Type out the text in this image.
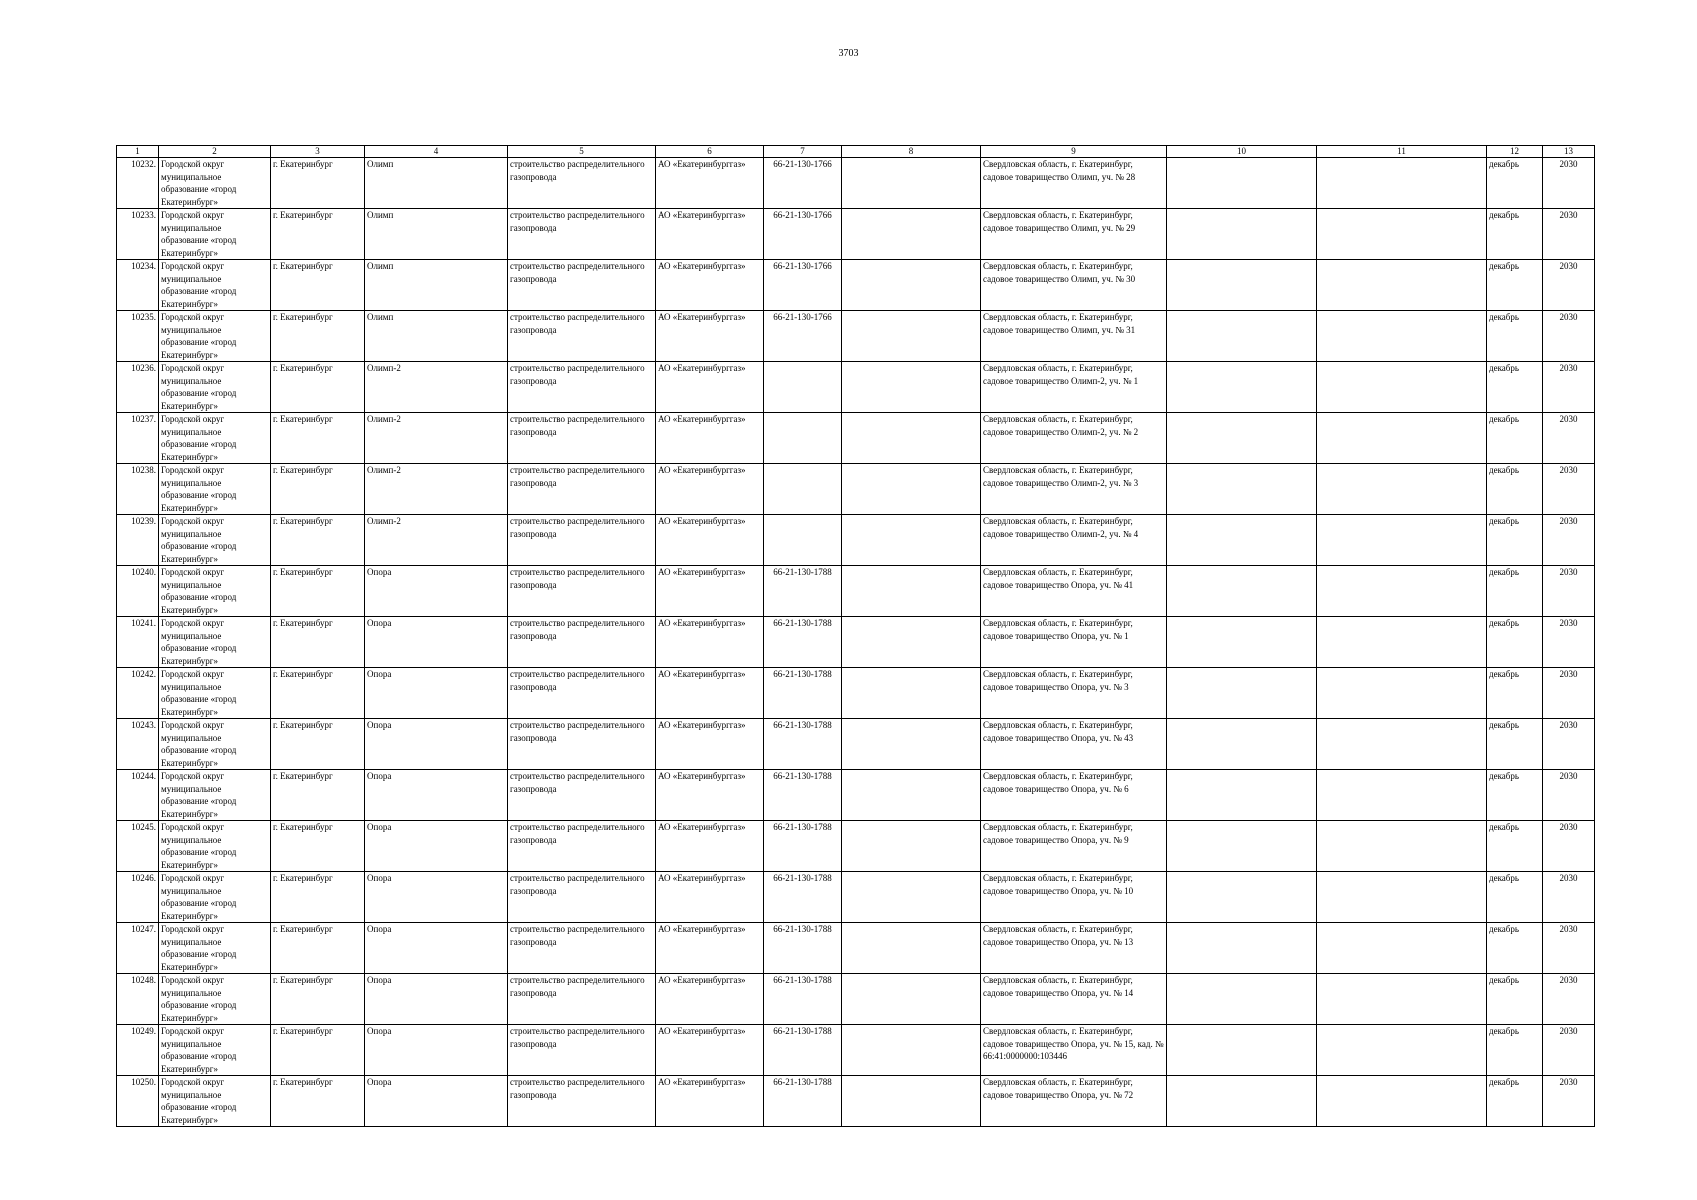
3703
1	2	3	4	5	6	7	8	9	10	11	12	13
10232.	Городской округ муниципальное образование «город Екатеринбург»	г. Екатеринбург	Олимп	строительство распределительного газопровода	АО «Екатеринбурггаз»	66-21-130-1766		Свердловская область, г. Екатеринбург, садовое товарищество Олимп, уч. № 28			декабрь	2030
10233.	Городской округ муниципальное образование «город Екатеринбург»	г. Екатеринбург	Олимп	строительство распределительного газопровода	АО «Екатеринбурггаз»	66-21-130-1766		Свердловская область, г. Екатеринбург, садовое товарищество Олимп, уч. № 29			декабрь	2030
10234.	Городской округ муниципальное образование «город Екатеринбург»	г. Екатеринбург	Олимп	строительство распределительного газопровода	АО «Екатеринбурггаз»	66-21-130-1766		Свердловская область, г. Екатеринбург, садовое товарищество Олимп, уч. № 30			декабрь	2030
10235.	Городской округ муниципальное образование «город Екатеринбург»	г. Екатеринбург	Олимп	строительство распределительного газопровода	АО «Екатеринбурггаз»	66-21-130-1766		Свердловская область, г. Екатеринбург, садовое товарищество Олимп, уч. № 31			декабрь	2030
10236.	Городской округ муниципальное образование «город Екатеринбург»	г. Екатеринбург	Олимп-2	строительство распределительного газопровода	АО «Екатеринбурггаз»			Свердловская область, г. Екатеринбург, садовое товарищество Олимп-2, уч. № 1			декабрь	2030
10237.	Городской округ муниципальное образование «город Екатеринбург»	г. Екатеринбург	Олимп-2	строительство распределительного газопровода	АО «Екатеринбурггаз»			Свердловская область, г. Екатеринбург, садовое товарищество Олимп-2, уч. № 2			декабрь	2030
10238.	Городской округ муниципальное образование «город Екатеринбург»	г. Екатеринбург	Олимп-2	строительство распределительного газопровода	АО «Екатеринбурггаз»			Свердловская область, г. Екатеринбург, садовое товарищество Олимп-2, уч. № 3			декабрь	2030
10239.	Городской округ муниципальное образование «город Екатеринбург»	г. Екатеринбург	Олимп-2	строительство распределительного газопровода	АО «Екатеринбурггаз»			Свердловская область, г. Екатеринбург, садовое товарищество Олимп-2, уч. № 4			декабрь	2030
10240.	Городской округ муниципальное образование «город Екатеринбург»	г. Екатеринбург	Опора	строительство распределительного газопровода	АО «Екатеринбурггаз»	66-21-130-1788		Свердловская область, г. Екатеринбург, садовое товарищество Опора, уч. № 41			декабрь	2030
10241.	Городской округ муниципальное образование «город Екатеринбург»	г. Екатеринбург	Опора	строительство распределительного газопровода	АО «Екатеринбурггаз»	66-21-130-1788		Свердловская область, г. Екатеринбург, садовое товарищество Опора, уч. № 1			декабрь	2030
10242.	Городской округ муниципальное образование «город Екатеринбург»	г. Екатеринбург	Опора	строительство распределительного газопровода	АО «Екатеринбурггаз»	66-21-130-1788		Свердловская область, г. Екатеринбург, садовое товарищество Опора, уч. № 3			декабрь	2030
10243.	Городской округ муниципальное образование «город Екатеринбург»	г. Екатеринбург	Опора	строительство распределительного газопровода	АО «Екатеринбурггаз»	66-21-130-1788		Свердловская область, г. Екатеринбург, садовое товарищество Опора, уч. № 43			декабрь	2030
10244.	Городской округ муниципальное образование «город Екатеринбург»	г. Екатеринбург	Опора	строительство распределительного газопровода	АО «Екатеринбурггаз»	66-21-130-1788		Свердловская область, г. Екатеринбург, садовое товарищество Опора, уч. № 6			декабрь	2030
10245.	Городской округ муниципальное образование «город Екатеринбург»	г. Екатеринбург	Опора	строительство распределительного газопровода	АО «Екатеринбурггаз»	66-21-130-1788		Свердловская область, г. Екатеринбург, садовое товарищество Опора, уч. № 9			декабрь	2030
10246.	Городской округ муниципальное образование «город Екатеринбург»	г. Екатеринбург	Опора	строительство распределительного газопровода	АО «Екатеринбурггаз»	66-21-130-1788		Свердловская область, г. Екатеринбург, садовое товарищество Опора, уч. № 10			декабрь	2030
10247.	Городской округ муниципальное образование «город Екатеринбург»	г. Екатеринбург	Опора	строительство распределительного газопровода	АО «Екатеринбурггаз»	66-21-130-1788		Свердловская область, г. Екатеринбург, садовое товарищество Опора, уч. № 13			декабрь	2030
10248.	Городской округ муниципальное образование «город Екатеринбург»	г. Екатеринбург	Опора	строительство распределительного газопровода	АО «Екатеринбурггаз»	66-21-130-1788		Свердловская область, г. Екатеринбург, садовое товарищество Опора, уч. № 14			декабрь	2030
10249.	Городской округ муниципальное образование «город Екатеринбург»	г. Екатеринбург	Опора	строительство распределительного газопровода	АО «Екатеринбурггаз»	66-21-130-1788		Свердловская область, г. Екатеринбург, садовое товарищество Опора, уч. № 15, кад. № 66:41:0000000:103446			декабрь	2030
10250.	Городской округ муниципальное образование «город Екатеринбург»	г. Екатеринбург	Опора	строительство распределительного газопровода	АО «Екатеринбурггаз»	66-21-130-1788		Свердловская область, г. Екатеринбург, садовое товарищество Опора, уч. № 72			декабрь	2030
